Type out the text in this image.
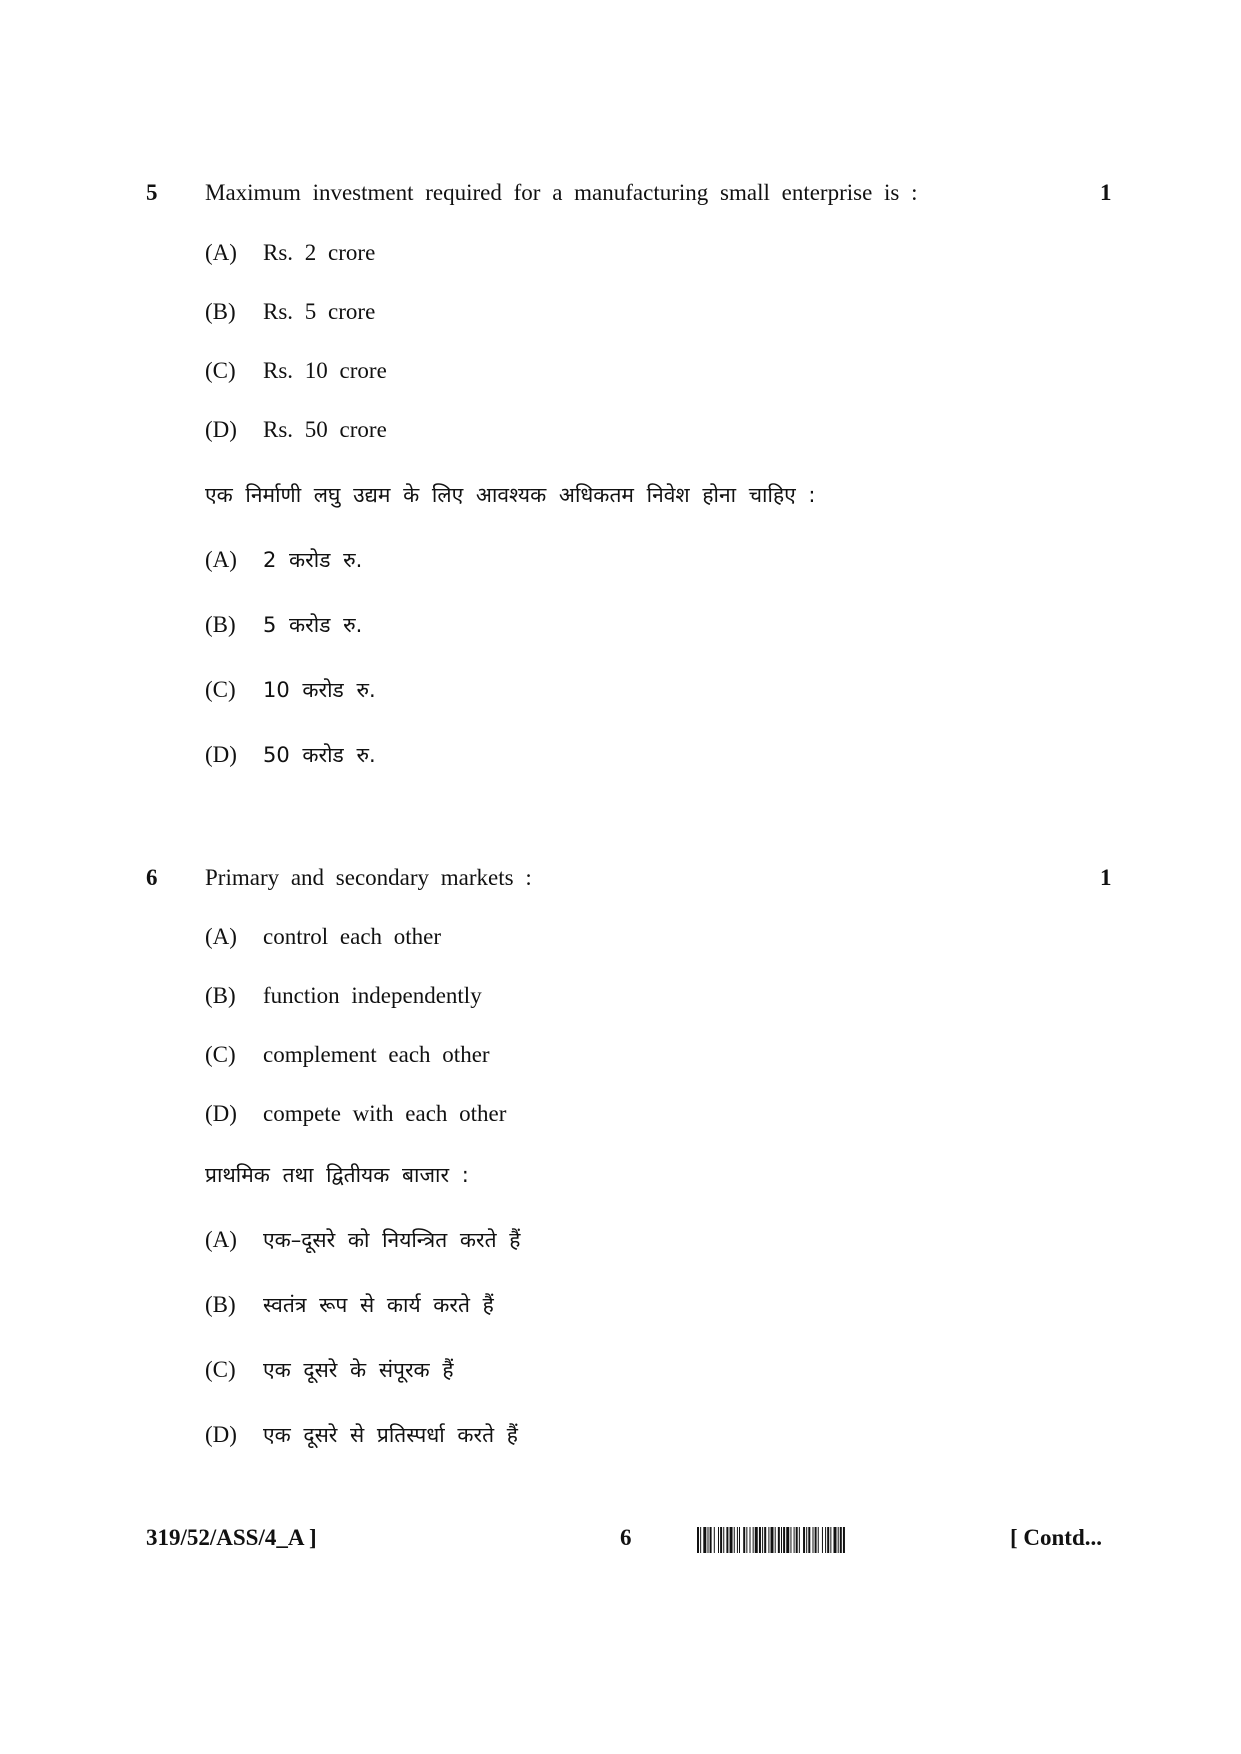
5 Maximum investment required for a manufacturing small enterprise is :	1
(A) Rs. 2 crore
(B) Rs. 5 crore
(C) Rs. 10 crore
(D) Rs. 50 crore
एक निर्माणी लघु उद्यम के लिए आवश्यक अधिकतम निवेश होना चाहिए :
(A) 2 करोड रु.
(B) 5 करोड रु.
(C) 10 करोड रु.
(D) 50 करोड रु.
6 Primary and secondary markets :	1
(A) control each other
(B) function independently
(C) complement each other
(D) compete with each other
प्राथमिक तथा द्वितीयक बाजार :
(A) एक–दूसरे को नियन्त्रित करते हैं
(B) स्वतंत्र रूप से कार्य करते हैं
(C) एक दूसरे के संपूरक हैं
(D) एक दूसरे से प्रतिस्पर्धा करते हैं
319/52/ASS/4_A ]	6	[ Contd...
